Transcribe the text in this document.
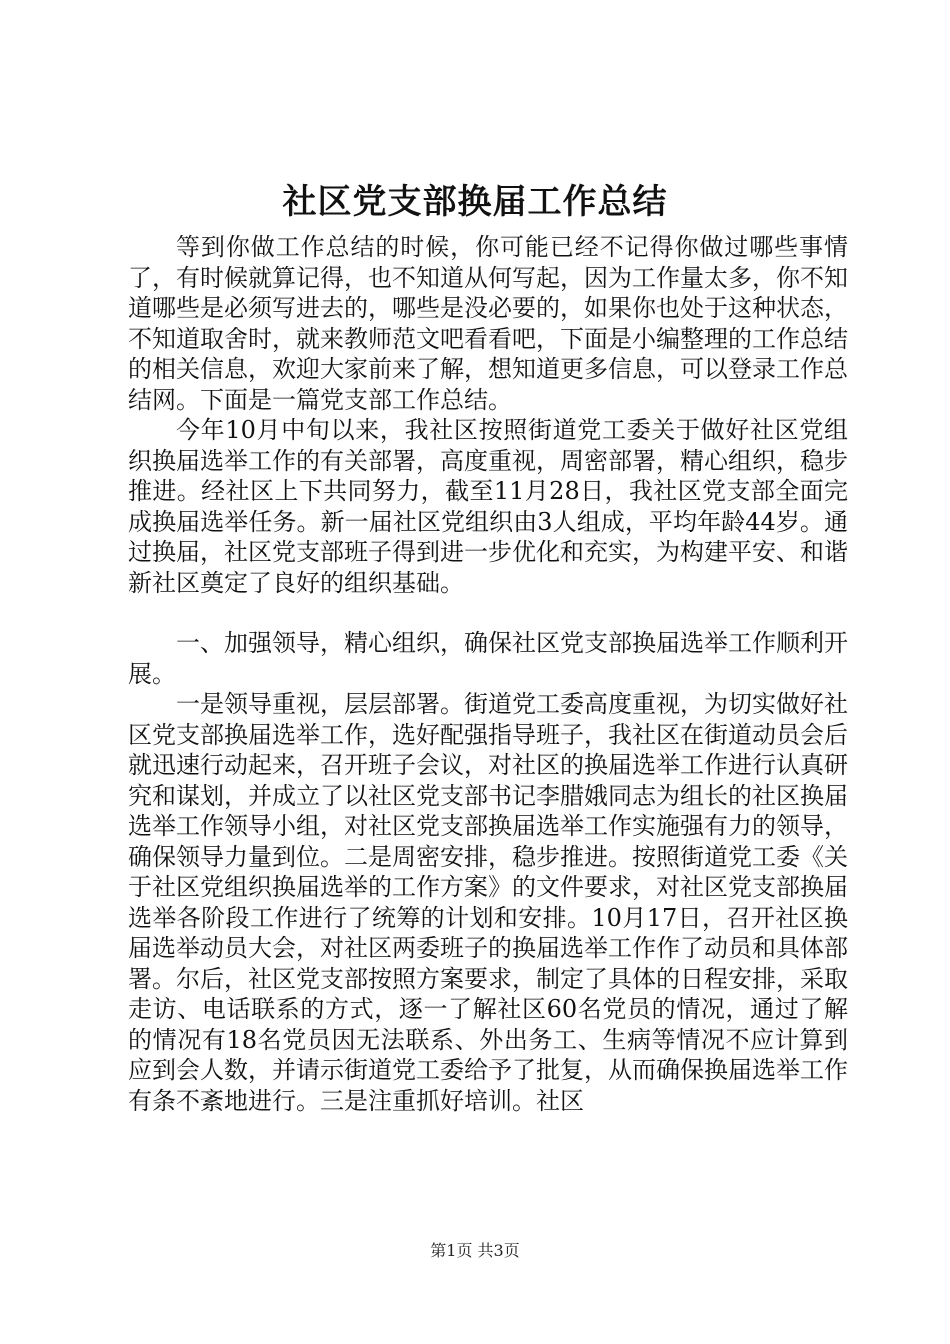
社区党支部换届工作总结

等到你做工作总结的时候，你可能已经不记得你做过哪些事情了，有时候就算记得，也不知道从何写起，因为工作量太多，你不知道哪些是必须写进去的，哪些是没必要的，如果你也处于这种状态，不知道取舍时，就来教师范文吧看看吧，下面是小编整理的工作总结的相关信息，欢迎大家前来了解，想知道更多信息，可以登录工作总结网。下面是一篇党支部工作总结。

今年10月中旬以来，我社区按照街道党工委关于做好社区党组织换届选举工作的有关部署，高度重视，周密部署，精心组织，稳步推进。经社区上下共同努力，截至11月28日，我社区党支部全面完成换届选举任务。新一届社区党组织由3人组成，平均年龄44岁。通过换届，社区党支部班子得到进一步优化和充实，为构建平安、和谐新社区奠定了良好的组织基础。

一、加强领导，精心组织，确保社区党支部换届选举工作顺利开展。

一是领导重视，层层部署。街道党工委高度重视，为切实做好社区党支部换届选举工作，选好配强指导班子，我社区在街道动员会后就迅速行动起来，召开班子会议，对社区的换届选举工作进行认真研究和谋划，并成立了以社区党支部书记李腊娥同志为组长的社区换届选举工作领导小组，对社区党支部换届选举工作实施强有力的领导，确保领导力量到位。二是周密安排，稳步推进。按照街道党工委《关于社区党组织换届选举的工作方案》的文件要求，对社区党支部换届选举各阶段工作进行了统筹的计划和安排。10月17日，召开社区换届选举动员大会，对社区两委班子的换届选举工作作了动员和具体部署。尔后，社区党支部按照方案要求，制定了具体的日程安排，采取走访、电话联系的方式，逐一了解社区60名党员的情况，通过了解的情况有18名党员因无法联系、外出务工、生病等情况不应计算到应到会人数，并请示街道党工委给予了批复，从而确保换届选举工作有条不紊地进行。三是注重抓好培训。社区

第1页 共3页
